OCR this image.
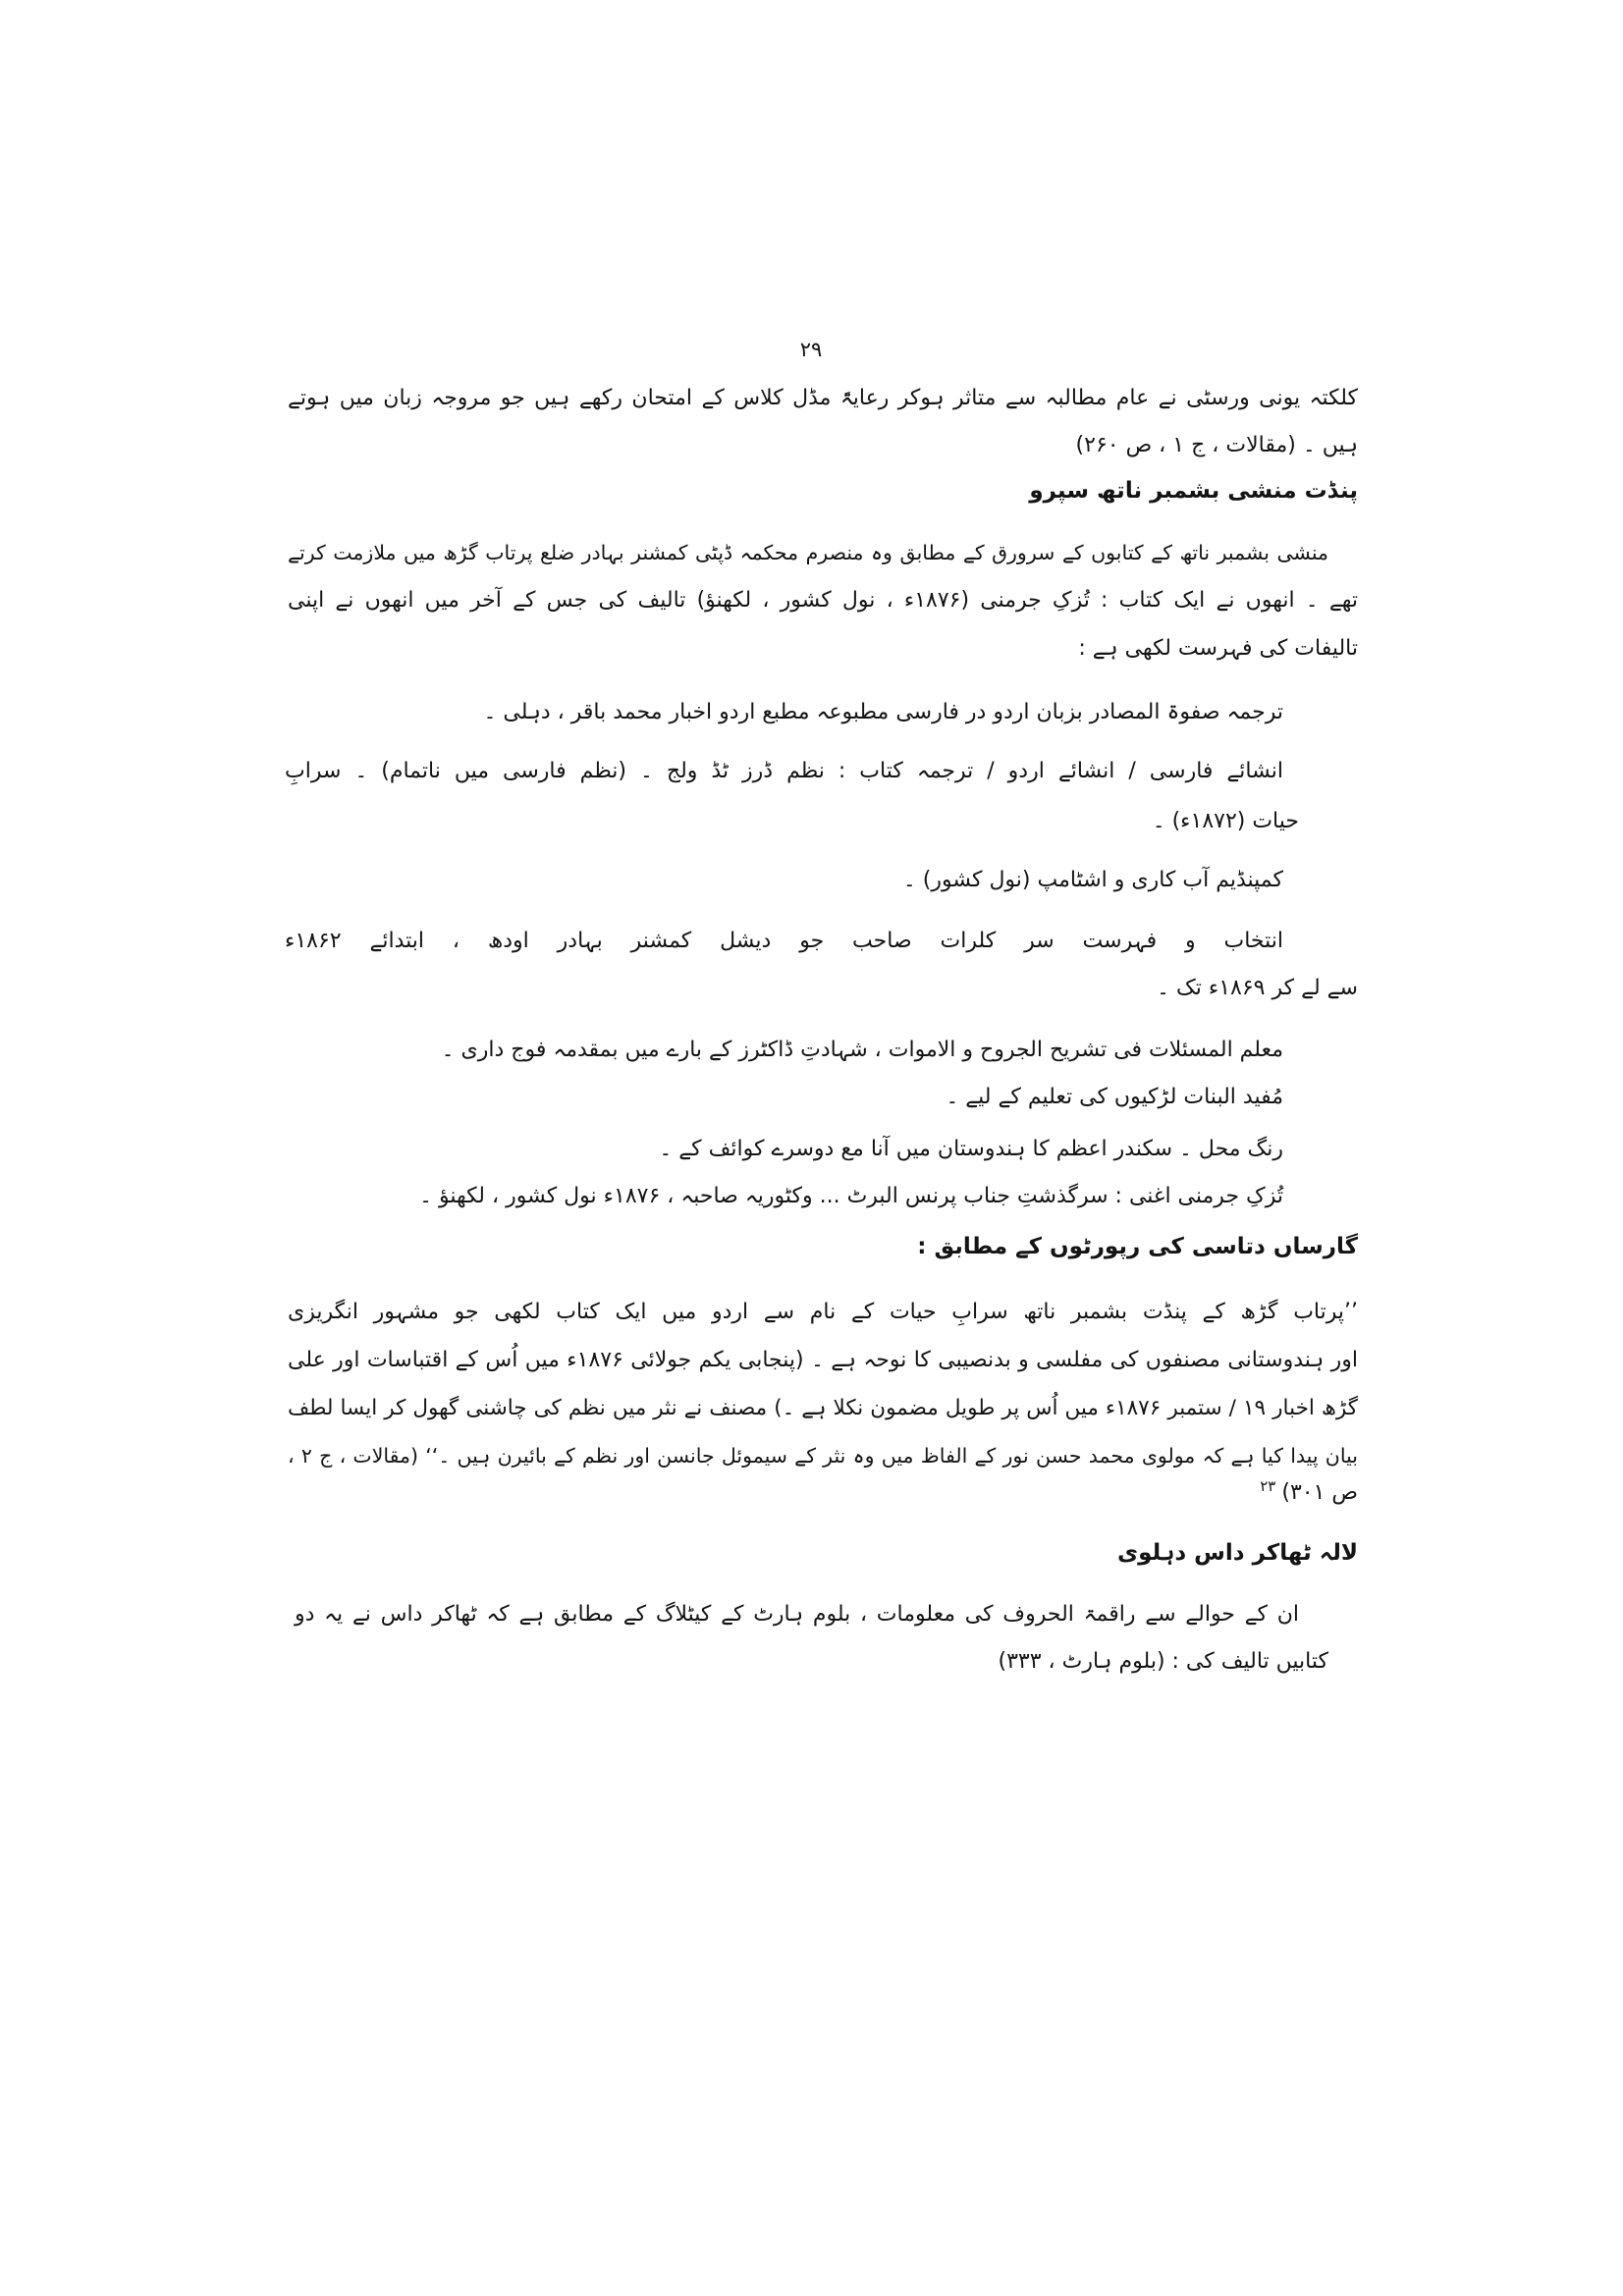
۲۹
کلکتہ یونی ورسٹی نے عام مطالبہ سے متاثر ہوکر رعایۃً مڈل کلاس کے امتحان رکھے ہیں جو مروجہ زبان میں ہوتے
ہیں ۔ (مقالات ، ج ۱ ، ص ۲۶۰)
پنڈت منشی بشمبر ناتھ سپرو
منشی بشمبر ناتھ کے کتابوں کے سرورق کے مطابق وہ منصرم محکمہ ڈپٹی کمشنر بہادر ضلع پرتاب گڑھ میں ملازمت کرتے
تھے ۔ انھوں نے ایک کتاب : تُزکِ جرمنی (۱۸۷۶ء ، نول کشور ، لکھنؤ) تالیف کی جس کے آخر میں انھوں نے اپنی
تالیفات کی فہرست لکھی ہے :
ترجمہ صفوۃ المصادر بزبان اردو در فارسی مطبوعہ مطبع اردو اخبار محمد باقر ، دہلی ۔
انشائے فارسی / انشائے اردو / ترجمہ کتاب : نظم ڈرز ٹڈ ولج ۔ (نظم فارسی میں ناتمام) ۔ سرابِ
حیات (۱۸۷۲ء) ۔
کمپنڈیم آب کاری و اشٹامپ (نول کشور) ۔
انتخاب و فہرست سر کلرات صاحب جو دیشل کمشنر بہادر اودھ ، ابتدائے ۱۸۶۲ء
سے لے کر ۱۸۶۹ء تک ۔
معلم المسئلات فی تشریح الجروح و الاموات ، شہادتِ ڈاکٹرز کے بارے میں بمقدمہ فوج داری ۔
مُفید البنات لڑکیوں کی تعلیم کے لیے ۔
رنگ محل ۔ سکندر اعظم کا ہندوستان میں آنا مع دوسرے کوائف کے ۔
تُزکِ جرمنی اغنی : سرگذشتِ جناب پرنس البرٹ ... وکٹوریہ صاحبہ ، ۱۸۷۶ء نول کشور ، لکھنؤ ۔
گارساں دتاسی کی رپورٹوں کے مطابق :
’’پرتاب گڑھ کے پنڈت بشمبر ناتھ سرابِ حیات کے نام سے اردو میں ایک کتاب لکھی جو مشہور انگریزی
اور ہندوستانی مصنفوں کی مفلسی و بدنصیبی کا نوحہ ہے ۔ (پنجابی یکم جولائی ۱۸۷۶ء میں اُس کے اقتباسات اور علی
گڑھ اخبار ۱۹ / ستمبر ۱۸۷۶ء میں اُس پر طویل مضمون نکلا ہے ۔) مصنف نے نثر میں نظم کی چاشنی گھول کر ایسا لطف
بیان پیدا کیا ہے کہ مولوی محمد حسن نور کے الفاظ میں وہ نثر کے سیموئل جانسن اور نظم کے بائیرن ہیں ۔‘‘ (مقالات ، ج ۲ ،
ص ۳۰۱)$^{۲۳}$
لالہ ٹھاکر داس دہلوی
ان کے حوالے سے راقمۃ الحروف کی معلومات ، بلوم ہارٹ کے کیٹلاگ کے مطابق ہے کہ ٹھاکر داس نے یہ دو
کتابیں تالیف کی : (بلوم ہارٹ ، ۳۳۳)
